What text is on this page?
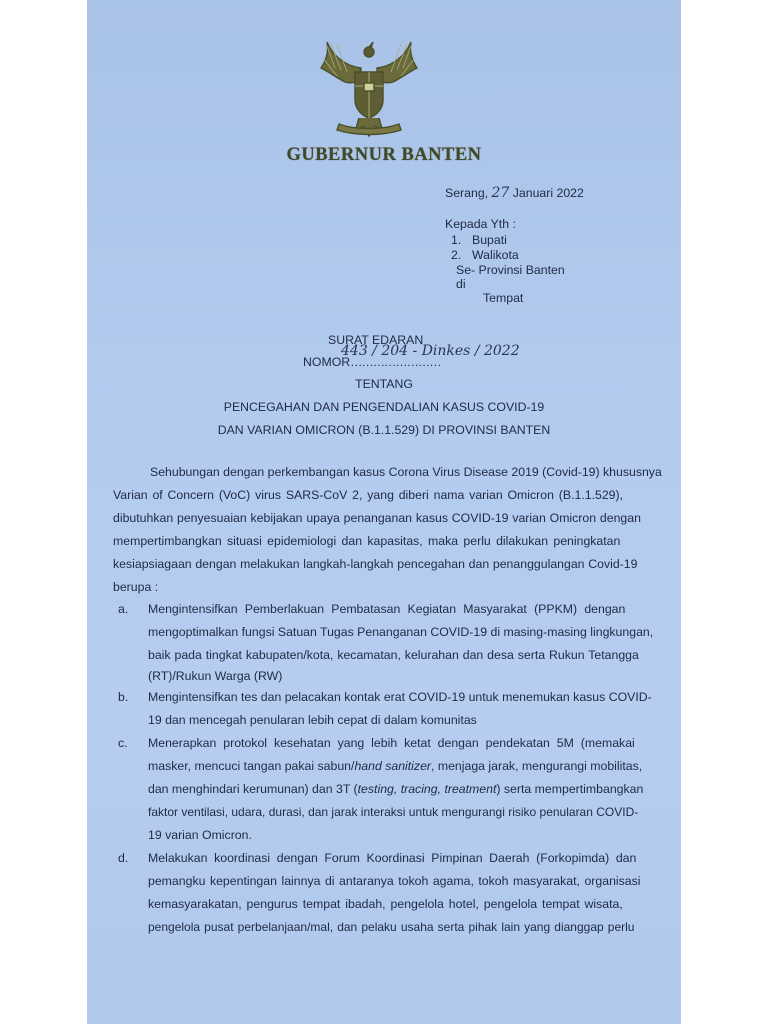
GUBERNUR BANTEN
Serang, 27 Januari 2022
Kepada Yth :
1. Bupati
2. Walikota
Se- Provinsi Banten
di
Tempat
SURAT EDARAN
NOMOR……………………
443 / 204 - Dinkes / 2022
TENTANG
PENCEGAHAN DAN PENGENDALIAN KASUS COVID-19
DAN VARIAN OMICRON (B.1.1.529) DI PROVINSI BANTEN
Sehubungan dengan perkembangan kasus Corona Virus Disease 2019 (Covid-19) khususnya
Varian of Concern (VoC) virus SARS-CoV 2, yang diberi nama varian Omicron (B.1.1.529),
dibutuhkan penyesuaian kebijakan upaya penanganan kasus COVID-19 varian Omicron dengan
mempertimbangkan situasi epidemiologi dan kapasitas, maka perlu dilakukan peningkatan
kesiapsiagaan dengan melakukan langkah-langkah pencegahan dan penanggulangan Covid-19
berupa :
a. Mengintensifkan Pemberlakuan Pembatasan Kegiatan Masyarakat (PPKM) dengan
mengoptimalkan fungsi Satuan Tugas Penanganan COVID-19 di masing-masing lingkungan,
baik pada tingkat kabupaten/kota, kecamatan, kelurahan dan desa serta Rukun Tetangga
(RT)/Rukun Warga (RW)
b. Mengintensifkan tes dan pelacakan kontak erat COVID-19 untuk menemukan kasus COVID-
19 dan mencegah penularan lebih cepat di dalam komunitas
c. Menerapkan protokol kesehatan yang lebih ketat dengan pendekatan 5M (memakai
masker, mencuci tangan pakai sabun/hand sanitizer, menjaga jarak, mengurangi mobilitas,
dan menghindari kerumunan) dan 3T (testing, tracing, treatment) serta mempertimbangkan
faktor ventilasi, udara, durasi, dan jarak interaksi untuk mengurangi risiko penularan COVID-
19 varian Omicron.
d. Melakukan koordinasi dengan Forum Koordinasi Pimpinan Daerah (Forkopimda) dan
pemangku kepentingan lainnya di antaranya tokoh agama, tokoh masyarakat, organisasi
kemasyarakatan, pengurus tempat ibadah, pengelola hotel, pengelola tempat wisata,
pengelola pusat perbelanjaan/mal, dan pelaku usaha serta pihak lain yang dianggap perlu
